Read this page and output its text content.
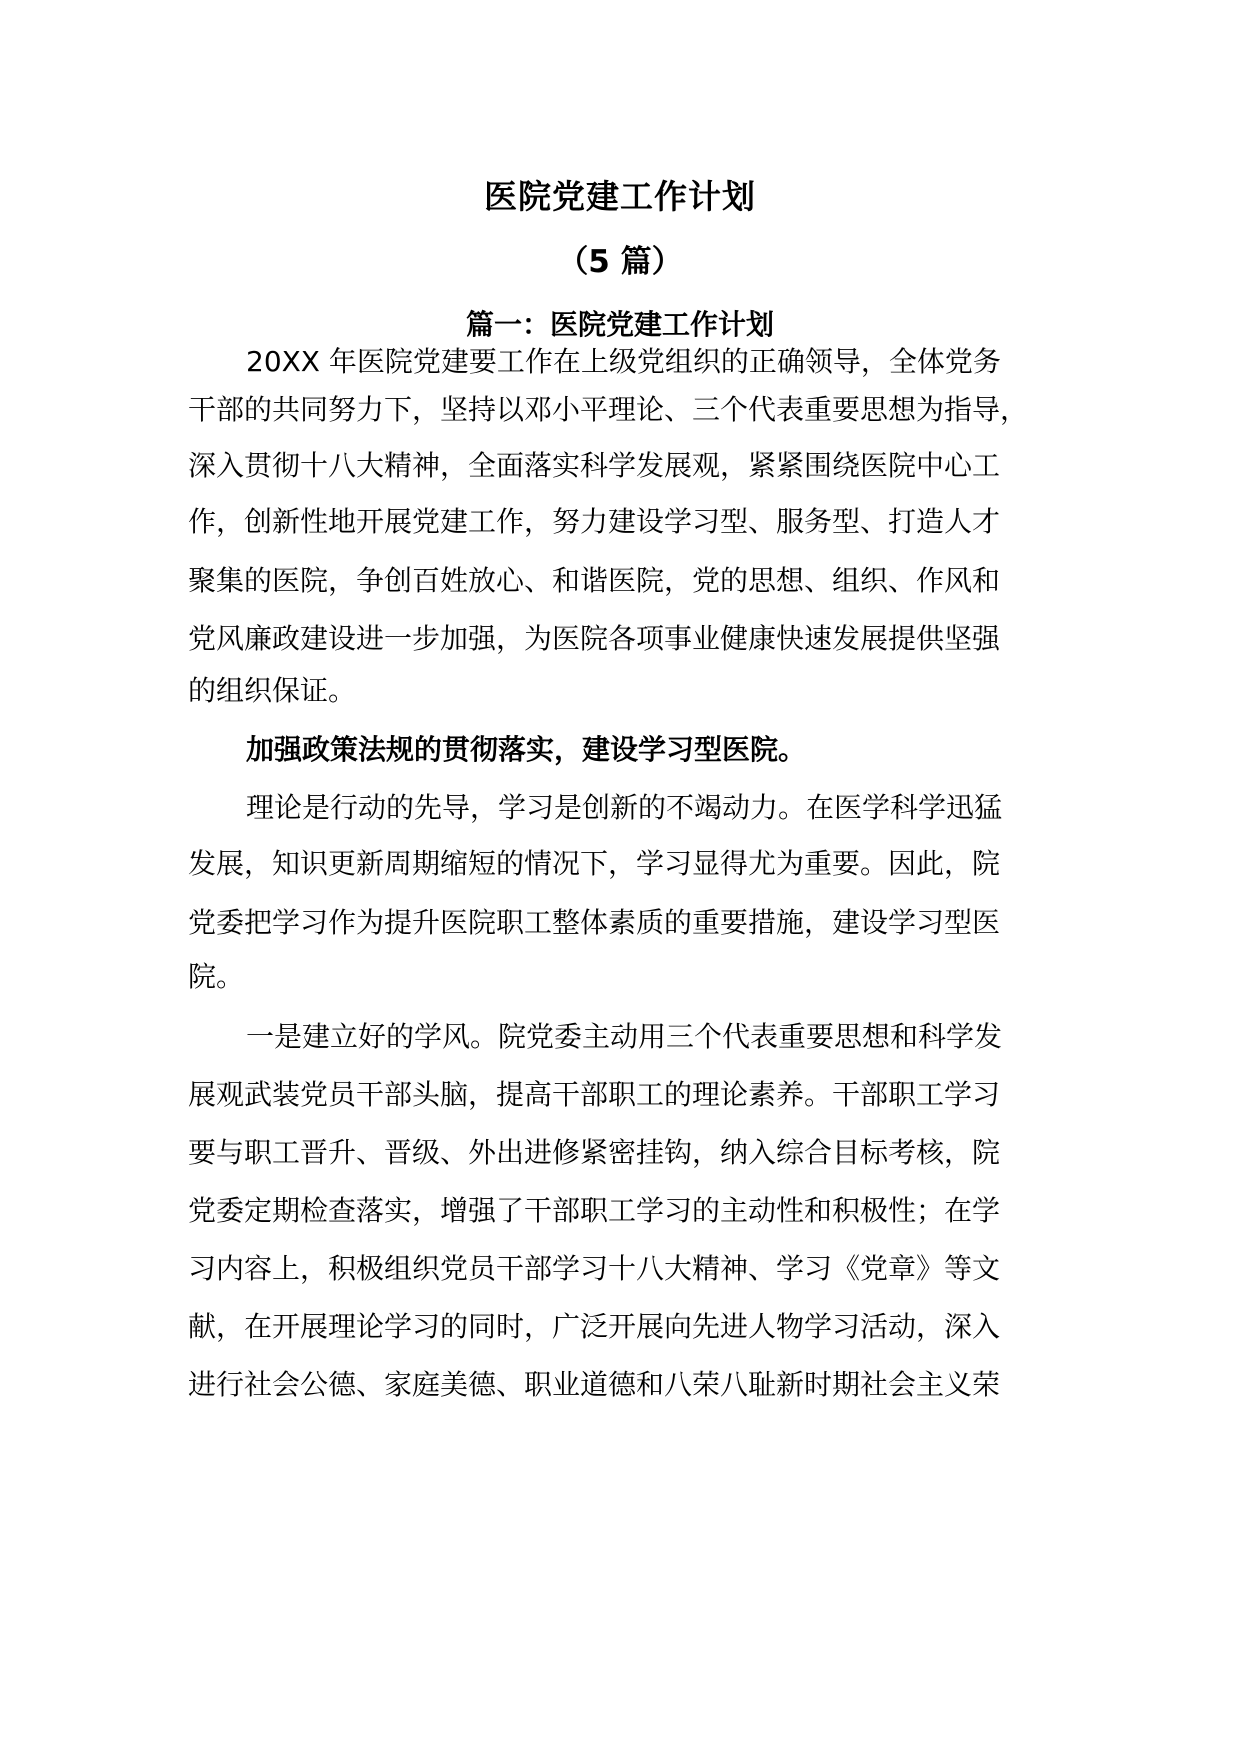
医院党建工作计划
（5 篇）
篇一：医院党建工作计划

20XX 年医院党建要工作在上级党组织的正确领导，全体党务

干部的共同努力下，坚持以邓小平理论、三个代表重要思想为指导，

深入贯彻十八大精神，全面落实科学发展观，紧紧围绕医院中心工

作，创新性地开展党建工作，努力建设学习型、服务型、打造人才

聚集的医院，争创百姓放心、和谐医院，党的思想、组织、作风和

党风廉政建设进一步加强，为医院各项事业健康快速发展提供坚强

的组织保证。

加强政策法规的贯彻落实，建设学习型医院。

理论是行动的先导，学习是创新的不竭动力。在医学科学迅猛

发展，知识更新周期缩短的情况下，学习显得尤为重要。因此，院

党委把学习作为提升医院职工整体素质的重要措施，建设学习型医

院。

一是建立好的学风。院党委主动用三个代表重要思想和科学发

展观武装党员干部头脑，提高干部职工的理论素养。干部职工学习

要与职工晋升、晋级、外出进修紧密挂钩，纳入综合目标考核，院

党委定期检查落实，增强了干部职工学习的主动性和积极性；在学

习内容上，积极组织党员干部学习十八大精神、学习《党章》等文

献，在开展理论学习的同时，广泛开展向先进人物学习活动，深入

进行社会公德、家庭美德、职业道德和八荣八耻新时期社会主义荣
